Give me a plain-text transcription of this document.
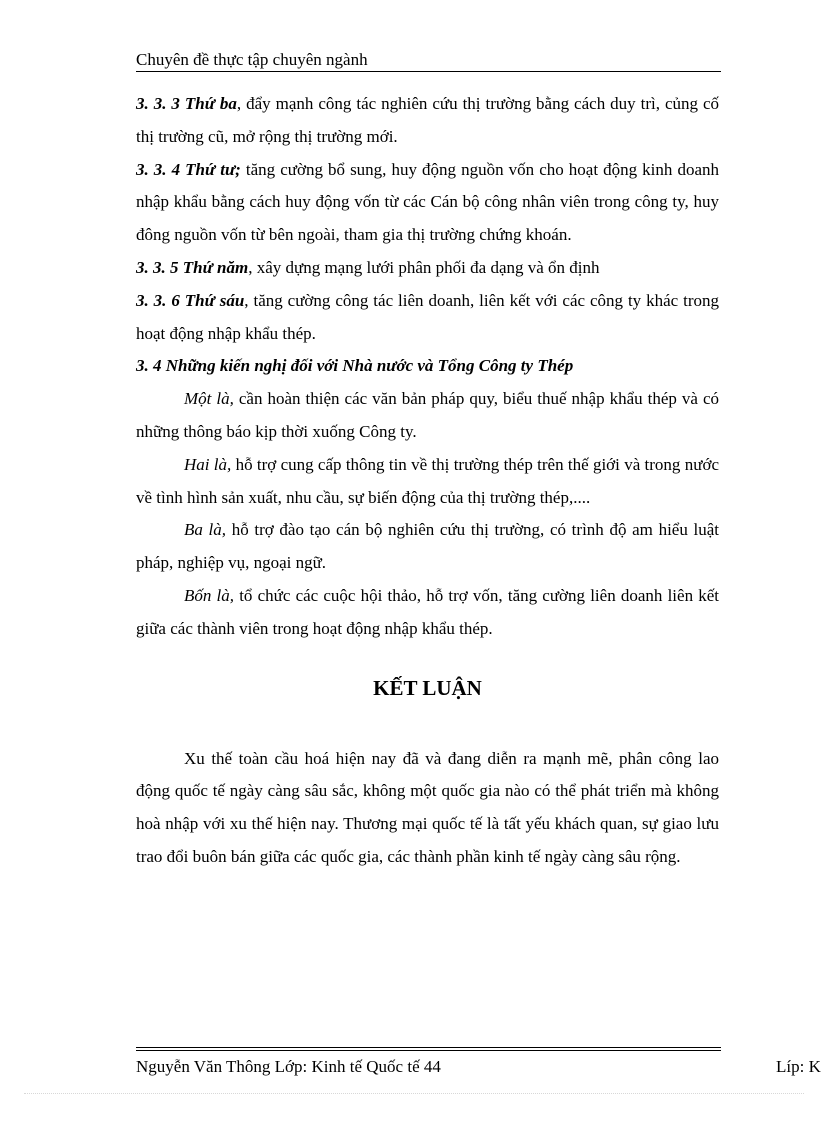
Chuyên đề thực tập chuyên ngành

3. 3. 3 Thứ ba, đẩy mạnh công tác nghiên cứu thị trường bằng cách duy trì, củng cố thị trường cũ, mở rộng thị trường mới.

3. 3. 4 Thứ tư; tăng cường bổ sung, huy động nguồn vốn cho hoạt động kinh doanh nhập khẩu bằng cách huy động vốn từ các Cán bộ công nhân viên trong công ty, huy đông nguồn vốn từ bên ngoài, tham gia thị trường chứng khoán.

3. 3. 5 Thứ năm, xây dựng mạng lưới phân phối đa dạng và ổn định

3. 3. 6 Thứ sáu, tăng cường công tác liên doanh, liên kết với các công ty khác trong hoạt động nhập khẩu thép.

3. 4 Những kiến nghị đối với Nhà nước và Tổng Công ty Thép

Một là, cần hoàn thiện các văn bản pháp quy, biểu thuế nhập khẩu thép và có những thông báo kịp thời xuống Công ty.

Hai là, hỗ trợ cung cấp thông tin về thị trường thép trên thế giới và trong nước về tình hình sản xuất, nhu cầu, sự biến động của thị trường thép,....

Ba là, hỗ trợ đào tạo cán bộ nghiên cứu thị trường, có trình độ am hiểu luật pháp, nghiệp vụ, ngoại ngữ.

Bốn là, tổ chức các cuộc hội thảo, hỗ trợ vốn, tăng cường liên doanh liên kết giữa các thành viên trong hoạt động nhập khẩu thép.

KẾT LUẬN

Xu thế toàn cầu hoá hiện nay đã và đang diễn ra mạnh mẽ, phân công lao động quốc tế ngày càng sâu sắc, không một quốc gia nào có thể phát triển mà không hoà nhập với xu thế hiện nay. Thương mại quốc tế là tất yếu khách quan, sự giao lưu trao đổi buôn bán giữa các quốc gia, các thành phần kinh tế ngày càng sâu rộng.

Nguyễn Văn Thông Lớp: Kinh tế Quốc tế 44	Líp: K
